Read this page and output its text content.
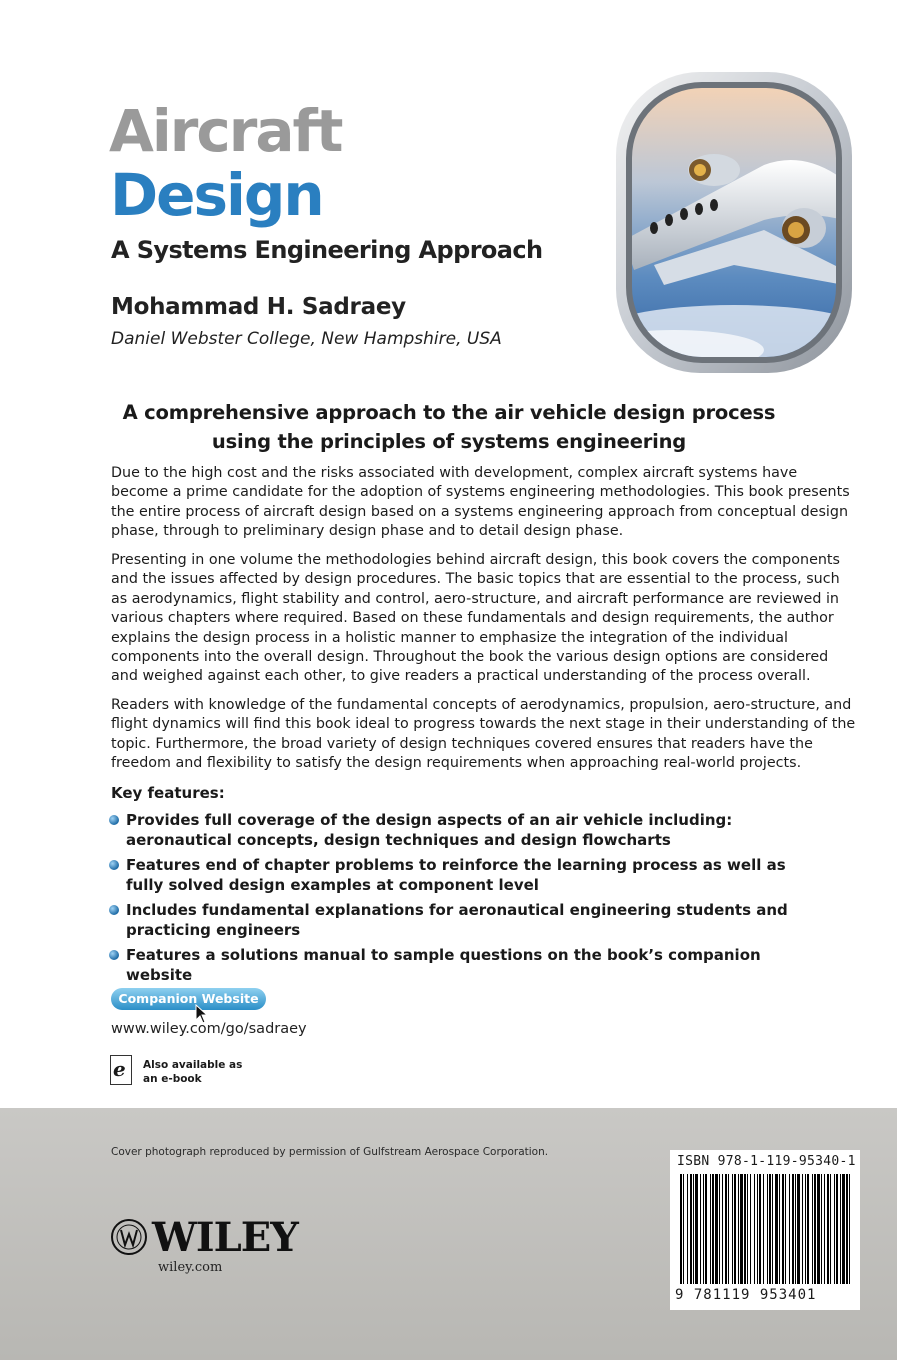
Aircraft
Design
A Systems Engineering Approach
Mohammad H. Sadraey
Daniel Webster College, New Hampshire, USA
A comprehensive approach to the air vehicle design process using the principles of systems engineering
Due to the high cost and the risks associated with development, complex aircraft systems have become a prime candidate for the adoption of systems engineering methodologies. This book presents the entire process of aircraft design based on a systems engineering approach from conceptual design phase, through to preliminary design phase and to detail design phase.
Presenting in one volume the methodologies behind aircraft design, this book covers the components and the issues affected by design procedures. The basic topics that are essential to the process, such as aerodynamics, flight stability and control, aero-structure, and aircraft performance are reviewed in various chapters where required. Based on these fundamentals and design requirements, the author explains the design process in a holistic manner to emphasize the integration of the individual components into the overall design. Throughout the book the various design options are considered and weighed against each other, to give readers a practical understanding of the process overall.
Readers with knowledge of the fundamental concepts of aerodynamics, propulsion, aero-structure, and flight dynamics will find this book ideal to progress towards the next stage in their understanding of the topic. Furthermore, the broad variety of design techniques covered ensures that readers have the freedom and flexibility to satisfy the design requirements when approaching real-world projects.
Key features:
Provides full coverage of the design aspects of an air vehicle including: aeronautical concepts, design techniques and design flowcharts
Features end of chapter problems to reinforce the learning process as well as fully solved design examples at component level
Includes fundamental explanations for aeronautical engineering students and practicing engineers
Features a solutions manual to sample questions on the book’s companion website
Companion Website
www.wiley.com/go/sadraey
e Also available as an e-book
Cover photograph reproduced by permission of Gulfstream Aerospace Corporation.
WILEY
wiley.com
ISBN 978-1-119-95340-1
9 781119 953401
